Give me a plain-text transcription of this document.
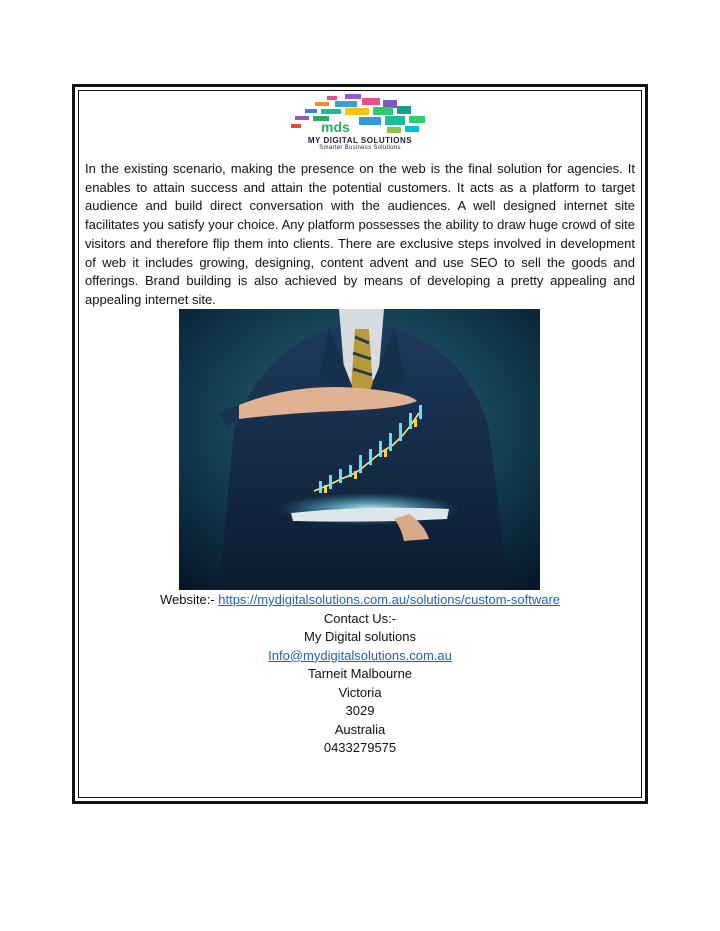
mds
MY DIGITAL SOLUTIONS
Smarter Business Solutions
In the existing scenario, making the presence on the web is the final solution for agencies. It enables to attain success and attain the potential customers. It acts as a platform to target audience and build direct conversation with the audiences. A well designed internet site facilitates you satisfy your choice. Any platform possesses the ability to draw huge crowd of site visitors and therefore flip them into clients. There are exclusive steps involved in development of web it includes growing, designing, content advent and use SEO to sell the goods and offerings. Brand building is also achieved by means of developing a pretty appealing and appealing internet site.
Website:- https://mydigitalsolutions.com.au/solutions/custom-software
Contact Us:-
My Digital solutions
Info@mydigitalsolutions.com.au
Tarneit Malbourne
Victoria
3029
Australia
0433279575
